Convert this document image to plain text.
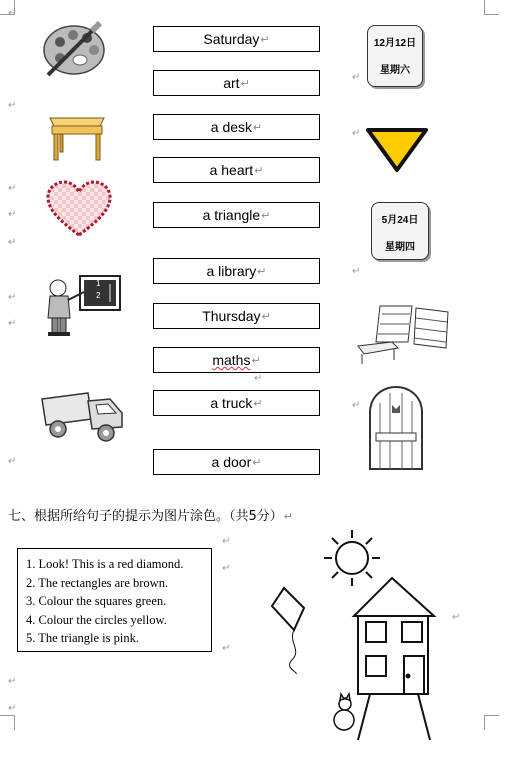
1
2
Saturday ↵
art ↵
a desk ↵
a heart ↵
a triangle ↵
a library ↵
Thursday ↵
maths ↵
a truck ↵
a door ↵
12月12日
星期六
5月24日
星期四
↵
↵
↵
↵
↵
↵
↵
↵
↵
↵
↵
↵
↵
↵
↵
↵
↵
↵
↵
七、根据所给句子的提示为图片涂色。（共5分）↵
1. Look! This is a red diamond.
2. The rectangles are brown.
3. Colour the squares green.
4. Colour the circles yellow.
5. The triangle is pink.
